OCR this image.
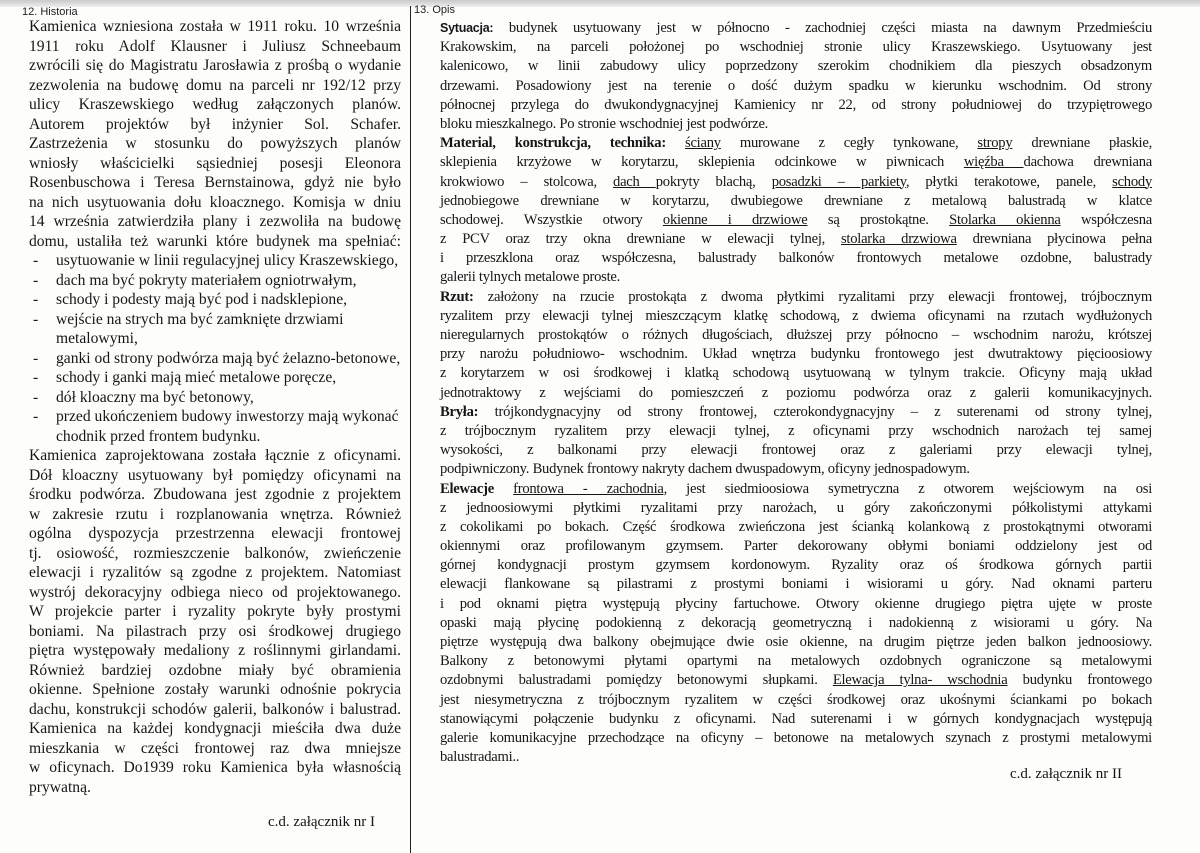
12. Historia
Kamienica wzniesiona została w 1911 roku. 10 września
1911 roku Adolf Klausner i Juliusz Schneebaum
zwrócili się do Magistratu Jarosławia z prośbą o wydanie
zezwolenia na budowę domu na parceli nr 192/12 przy
ulicy Kraszewskiego według załączonych planów.
Autorem projektów był inżynier Sol. Schafer.
Zastrzeżenia w stosunku do powyższych planów
wniosły właścicielki sąsiedniej posesji Eleonora
Rosenbuschowa i Teresa Bernstainowa, gdyż nie było
na nich usytuowania dołu kloacznego. Komisja w dniu
14 września zatwierdziła plany i zezwoliła na budowę
domu, ustaliła też warunki które budynek ma spełniać:
- usytuowanie w linii regulacyjnej ulicy Kraszewskiego,
- dach ma być pokryty materiałem ogniotrwałym,
- schody i podesty mają być pod i nadsklepione,
- wejście na strych ma być zamknięte drzwiami
metalowymi,
- ganki od strony podwórza mają być żelazno-betonowe,
- schody i ganki mają mieć metalowe poręcze,
- dół kloaczny ma być betonowy,
- przed ukończeniem budowy inwestorzy mają wykonać
chodnik przed frontem budynku.
Kamienica zaprojektowana została łącznie z oficynami.
Dół kloaczny usytuowany był pomiędzy oficynami na
środku podwórza. Zbudowana jest zgodnie z projektem
w zakresie rzutu i rozplanowania wnętrza. Również
ogólna dyspozycja przestrzenna elewacji frontowej
tj. osiowość, rozmieszczenie balkonów, zwieńczenie
elewacji i ryzalitów są zgodne z projektem. Natomiast
wystrój dekoracyjny odbiega nieco od projektowanego.
W projekcie parter i ryzality pokryte były prostymi
boniami. Na pilastrach przy osi środkowej drugiego
piętra występowały medaliony z roślinnymi girlandami.
Również bardziej ozdobne miały być obramienia
okienne. Spełnione zostały warunki odnośnie pokrycia
dachu, konstrukcji schodów galerii, balkonów i balustrad.
Kamienica na każdej kondygnacji mieściła dwa duże
mieszkania w części frontowej raz dwa mniejsze
w oficynach. Do1939 roku Kamienica była własnością
prywatną.
c.d. załącznik nr I
13. Opis
Sytuacja: budynek usytuowany jest w północno - zachodniej części miasta na dawnym Przedmieściu
Krakowskim, na parceli położonej po wschodniej stronie ulicy Kraszewskiego. Usytuowany jest
kalenicowo, w linii zabudowy ulicy poprzedzony szerokim chodnikiem dla pieszych obsadzonym
drzewami. Posadowiony jest na terenie o dość dużym spadku w kierunku wschodnim. Od strony
północnej przylega do dwukondygnacyjnej Kamienicy nr 22, od strony południowej do trzypiętrowego
bloku mieszkalnego. Po stronie wschodniej jest podwórze.
Material, konstrukcja, technika: ściany murowane z cegły tynkowane, stropy drewniane płaskie,
sklepienia krzyżowe w korytarzu, sklepienia odcinkowe w piwnicach więźba dachowa drewniana
krokwiowo – stolcowa, dach pokryty blachą, posadzki – parkiety, płytki terakotowe, panele, schody
jednobiegowe drewniane w korytarzu, dwubiegowe drewniane z metalową balustradą w klatce
schodowej. Wszystkie otwory okienne i drzwiowe są prostokątne. Stolarka okienna współczesna
z PCV oraz trzy okna drewniane w elewacji tylnej, stolarka drzwiowa drewniana płycinowa pełna
i przeszklona oraz współczesna, balustrady balkonów frontowych metalowe ozdobne, balustrady
galerii tylnych metalowe proste.
Rzut: założony na rzucie prostokąta z dwoma płytkimi ryzalitami przy elewacji frontowej, trójbocznym
ryzalitem przy elewacji tylnej mieszczącym klatkę schodową, z dwiema oficynami na rzutach wydłużonych
nieregularnych prostokątów o różnych długościach, dłuższej przy północno – wschodnim narożu, krótszej
przy narożu południowo- wschodnim. Układ wnętrza budynku frontowego jest dwutraktowy pięcioosiowy
z korytarzem w osi środkowej i klatką schodową usytuowaną w tylnym trakcie. Oficyny mają układ
jednotraktowy z wejściami do pomieszczeń z poziomu podwórza oraz z galerii komunikacyjnych.
Bryła: trójkondygnacyjny od strony frontowej, czterokondygnacyjny – z suterenami od strony tylnej,
z trójbocznym ryzalitem przy elewacji tylnej, z oficynami przy wschodnich narożach tej samej
wysokości, z balkonami przy elewacji frontowej oraz z galeriami przy elewacji tylnej,
podpiwniczony. Budynek frontowy nakryty dachem dwuspadowym, oficyny jednospadowym.
Elewacje frontowa - zachodnia, jest siedmioosiowa symetryczna z otworem wejściowym na osi
z jednoosiowymi płytkimi ryzalitami przy narożach, u góry zakończonymi półkolistymi attykami
z cokolikami po bokach. Część środkowa zwieńczona jest ścianką kolankową z prostokątnymi otworami
okiennymi oraz profilowanym gzymsem. Parter dekorowany obłymi boniami oddzielony jest od
górnej kondygnacji prostym gzymsem kordonowym. Ryzality oraz oś środkowa górnych partii
elewacji flankowane są pilastrami z prostymi boniami i wisiorami u góry. Nad oknami parteru
i pod oknami piętra występują płyciny fartuchowe. Otwory okienne drugiego piętra ujęte w proste
opaski mają płycinę podokienną z dekoracją geometryczną i nadokienną z wisiorami u góry. Na
piętrze występują dwa balkony obejmujące dwie osie okienne, na drugim piętrze jeden balkon jednoosiowy.
Balkony z betonowymi płytami opartymi na metalowych ozdobnych ograniczone są metalowymi
ozdobnymi balustradami pomiędzy betonowymi słupkami. Elewacja tylna- wschodnia budynku frontowego
jest niesymetryczna z trójbocznym ryzalitem w części środkowej oraz ukośnymi ściankami po bokach
stanowiącymi połączenie budynku z oficynami. Nad suterenami i w górnych kondygnacjach występują
galerie komunikacyjne przechodzące na oficyny – betonowe na metalowych szynach z prostymi metalowymi
balustradami..
c.d. załącznik nr II
